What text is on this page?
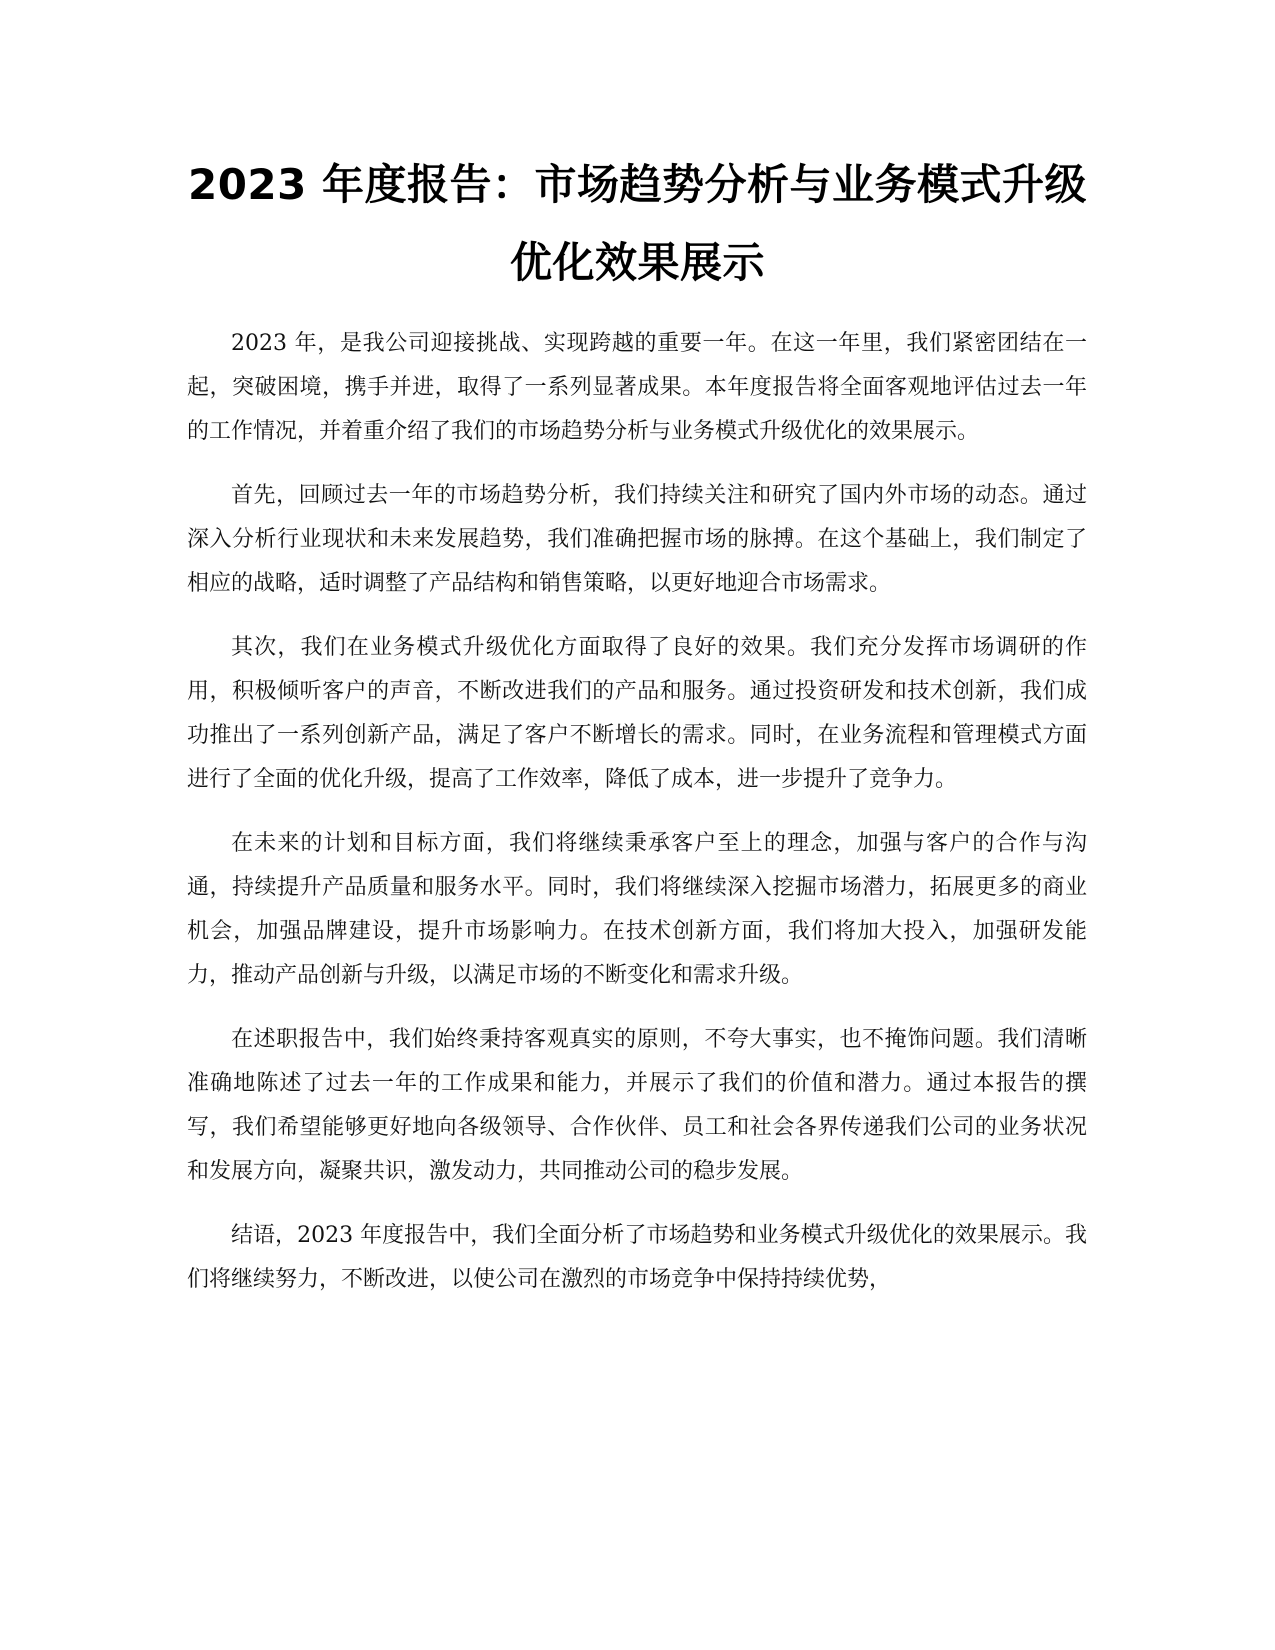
2023 年度报告：市场趋势分析与业务模式升级优化效果展示

2023 年，是我公司迎接挑战、实现跨越的重要一年。在这一年里，我们紧密团结在一起，突破困境，携手并进，取得了一系列显著成果。本年度报告将全面客观地评估过去一年的工作情况，并着重介绍了我们的市场趋势分析与业务模式升级优化的效果展示。

首先，回顾过去一年的市场趋势分析，我们持续关注和研究了国内外市场的动态。通过深入分析行业现状和未来发展趋势，我们准确把握市场的脉搏。在这个基础上，我们制定了相应的战略，适时调整了产品结构和销售策略，以更好地迎合市场需求。

其次，我们在业务模式升级优化方面取得了良好的效果。我们充分发挥市场调研的作用，积极倾听客户的声音，不断改进我们的产品和服务。通过投资研发和技术创新，我们成功推出了一系列创新产品，满足了客户不断增长的需求。同时，在业务流程和管理模式方面进行了全面的优化升级，提高了工作效率，降低了成本，进一步提升了竞争力。

在未来的计划和目标方面，我们将继续秉承客户至上的理念，加强与客户的合作与沟通，持续提升产品质量和服务水平。同时，我们将继续深入挖掘市场潜力，拓展更多的商业机会，加强品牌建设，提升市场影响力。在技术创新方面，我们将加大投入，加强研发能力，推动产品创新与升级，以满足市场的不断变化和需求升级。

在述职报告中，我们始终秉持客观真实的原则，不夸大事实，也不掩饰问题。我们清晰准确地陈述了过去一年的工作成果和能力，并展示了我们的价值和潜力。通过本报告的撰写，我们希望能够更好地向各级领导、合作伙伴、员工和社会各界传递我们公司的业务状况和发展方向，凝聚共识，激发动力，共同推动公司的稳步发展。

结语，2023 年度报告中，我们全面分析了市场趋势和业务模式升级优化的效果展示。我们将继续努力，不断改进，以使公司在激烈的市场竞争中保持持续优势，
